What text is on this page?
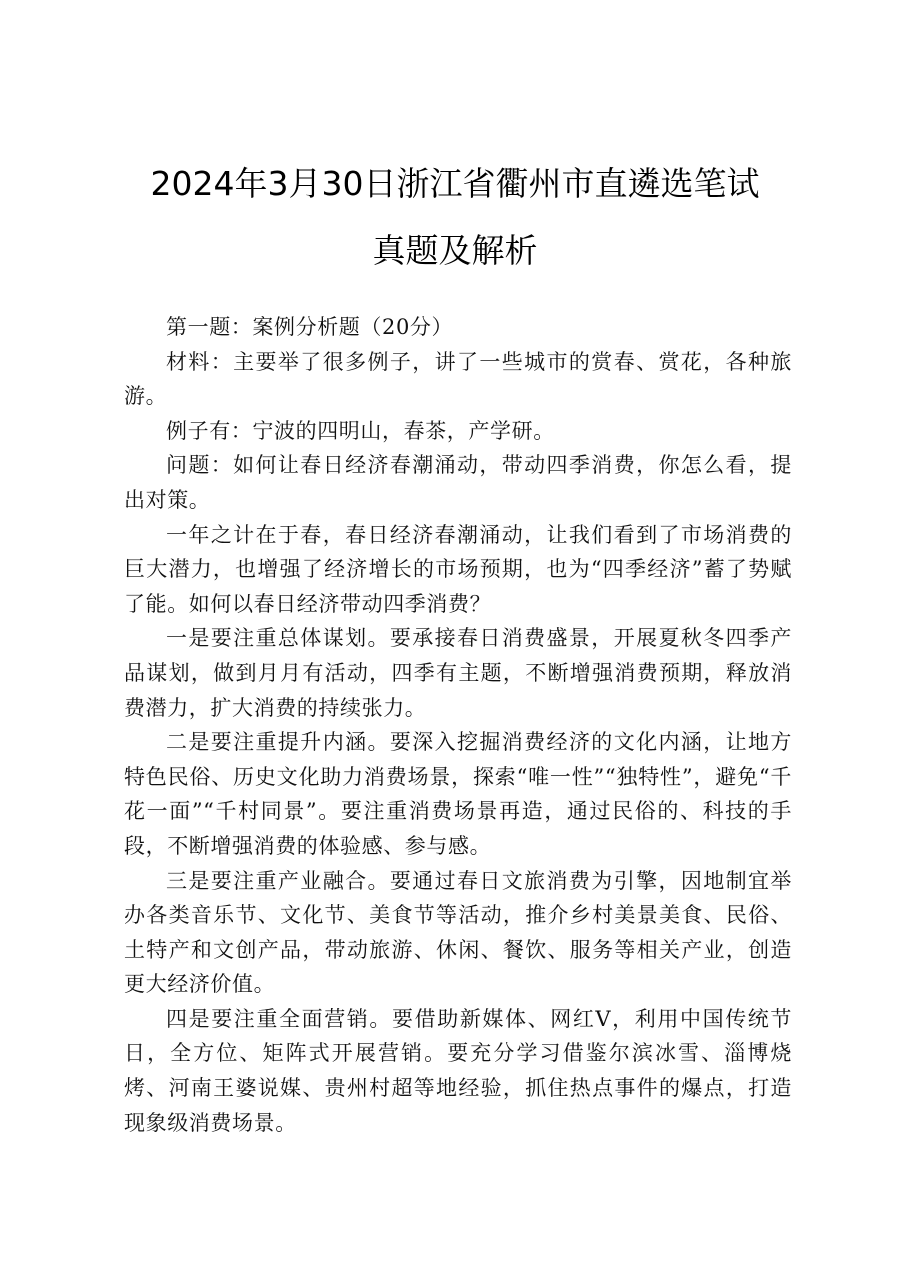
2024年3月30日浙江省衢州市直遴选笔试
真题及解析

第一题：案例分析题（20分）

材料：主要举了很多例子，讲了一些城市的赏春、赏花，各种旅游。

例子有：宁波的四明山，春茶，产学研。

问题：如何让春日经济春潮涌动，带动四季消费，你怎么看，提出对策。

一年之计在于春，春日经济春潮涌动，让我们看到了市场消费的巨大潜力，也增强了经济增长的市场预期，也为“四季经济”蓄了势赋了能。如何以春日经济带动四季消费？

一是要注重总体谋划。要承接春日消费盛景，开展夏秋冬四季产品谋划，做到月月有活动，四季有主题，不断增强消费预期，释放消费潜力，扩大消费的持续张力。

二是要注重提升内涵。要深入挖掘消费经济的文化内涵，让地方特色民俗、历史文化助力消费场景，探索“唯一性”“独特性”，避免“千花一面”“千村同景”。要注重消费场景再造，通过民俗的、科技的手段，不断增强消费的体验感、参与感。

三是要注重产业融合。要通过春日文旅消费为引擎，因地制宜举办各类音乐节、文化节、美食节等活动，推介乡村美景美食、民俗、土特产和文创产品，带动旅游、休闲、餐饮、服务等相关产业，创造更大经济价值。

四是要注重全面营销。要借助新媒体、网红V，利用中国传统节日，全方位、矩阵式开展营销。要充分学习借鉴尔滨冰雪、淄博烧烤、河南王婆说媒、贵州村超等地经验，抓住热点事件的爆点，打造现象级消费场景。
